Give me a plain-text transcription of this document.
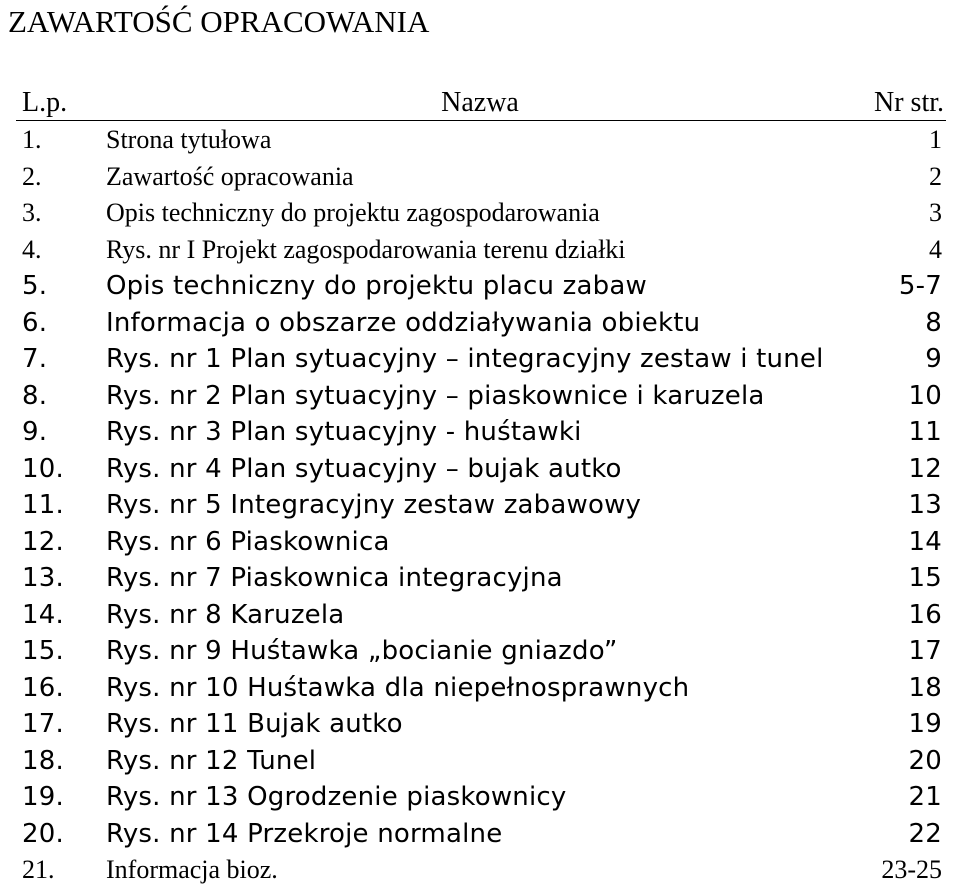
ZAWARTOŚĆ OPRACOWANIA
L.p.	Nazwa	Nr str.
1. Strona tytułowa	1
2. Zawartość opracowania	2
3. Opis techniczny do projektu zagospodarowania	3
4. Rys. nr I Projekt zagospodarowania terenu działki	4
5. Opis techniczny do projektu placu zabaw	5-7
6. Informacja o obszarze oddziaływania obiektu	8
7. Rys. nr 1 Plan sytuacyjny – integracyjny zestaw i tunel	9
8. Rys. nr 2 Plan sytuacyjny – piaskownice i karuzela	10
9. Rys. nr 3 Plan sytuacyjny - huśtawki	11
10. Rys. nr 4 Plan sytuacyjny – bujak autko	12
11. Rys. nr 5 Integracyjny zestaw zabawowy	13
12. Rys. nr 6 Piaskownica	14
13. Rys. nr 7 Piaskownica integracyjna	15
14. Rys. nr 8 Karuzela	16
15. Rys. nr 9 Huśtawka „bocianie gniazdo”	17
16. Rys. nr 10 Huśtawka dla niepełnosprawnych	18
17. Rys. nr 11 Bujak autko	19
18. Rys. nr 12 Tunel	20
19. Rys. nr 13 Ogrodzenie piaskownicy	21
20. Rys. nr 14 Przekroje normalne	22
21. Informacja bioz.	23-25
